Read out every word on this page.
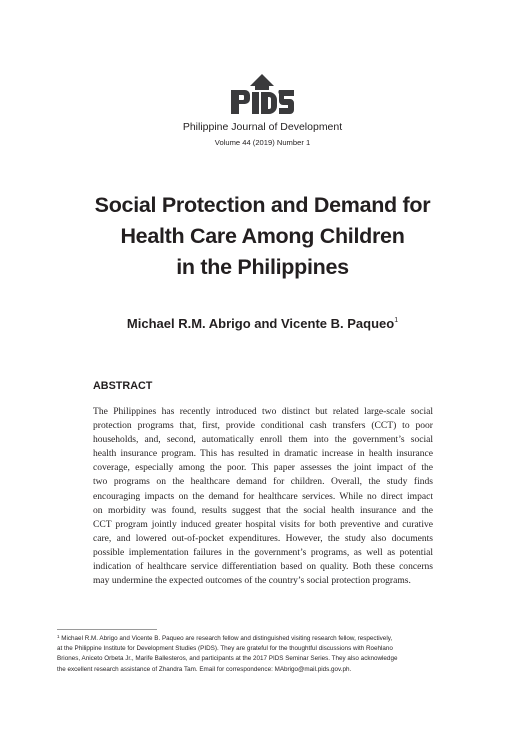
Philippine Journal of Development
Volume 44 (2019) Number 1
Social Protection and Demand for
Health Care Among Children
in the Philippines
Michael R.M. Abrigo and Vicente B. Paqueo$^1$
ABSTRACT
The Philippines has recently introduced two distinct but related large-scale social
protection programs that, first, provide conditional cash transfers (CCT) to poor
households, and, second, automatically enroll them into the government’s social
health insurance program. This has resulted in dramatic increase in health insurance
coverage, especially among the poor. This paper assesses the joint impact of the
two programs on the healthcare demand for children. Overall, the study finds
encouraging impacts on the demand for healthcare services. While no direct impact
on morbidity was found, results suggest that the social health insurance and the
CCT program jointly induced greater hospital visits for both preventive and curative
care, and lowered out-of-pocket expenditures. However, the study also documents
possible implementation failures in the government’s programs, as well as potential
indication of healthcare service differentiation based on quality. Both these concerns
may undermine the expected outcomes of the country’s social protection programs.
$^1$ Michael R.M. Abrigo and Vicente B. Paqueo are research fellow and distinguished visiting research fellow, respectively,
at the Philippine Institute for Development Studies (PIDS). They are grateful for the thoughtful discussions with Roehlano
Briones, Aniceto Orbeta Jr., Marife Ballesteros, and participants at the 2017 PIDS Seminar Series. They also acknowledge
the excellent research assistance of Zhandra Tam. Email for correspondence: MAbrigo@mail.pids.gov.ph.
